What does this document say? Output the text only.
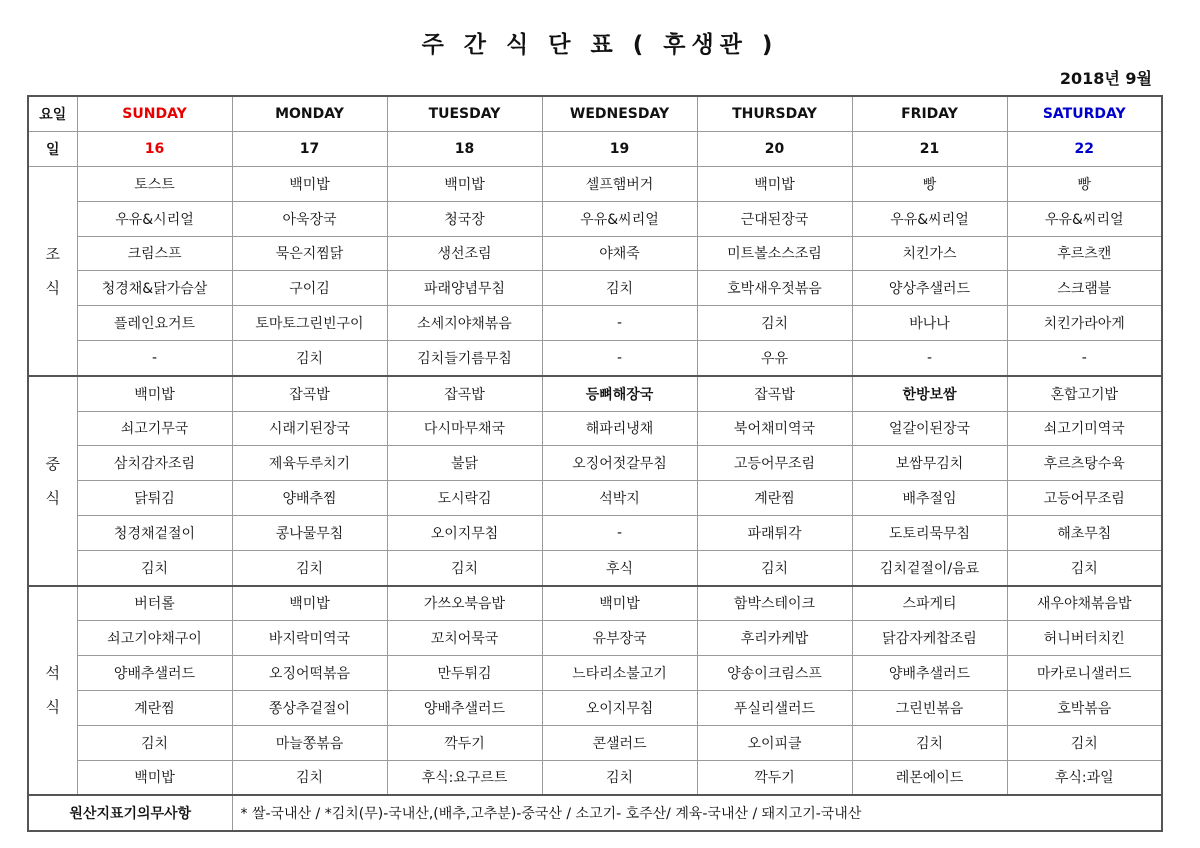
주 간 식 단 표 ( 후생관 )
2018년 9월
요일	SUNDAY	MONDAY	TUESDAY	WEDNESDAY	THURSDAY	FRIDAY	SATURDAY
일	16	17	18	19	20	21	22

조
식	토스트	백미밥	백미밥	셀프햄버거	백미밥	빵	빵
	우유&시리얼	아욱장국	청국장	우유&씨리얼	근대된장국	우유&씨리얼	우유&씨리얼
	크림스프	묵은지찜닭	생선조림	야채죽	미트볼소스조림	치킨가스	후르츠캔
	청경채&닭가슴살	구이김	파래양념무침	김치	호박새우젓볶음	양상추샐러드	스크램블
	플레인요거트	토마토그린빈구이	소세지야채볶음	-	김치	바나나	치킨가라아게
	-	김치	김치들기름무침	-	우유	-	-

중
식	백미밥	잡곡밥	잡곡밥	등뼈해장국	잡곡밥	한방보쌈	혼합고기밥
	쇠고기무국	시래기된장국	다시마무채국	해파리냉채	북어채미역국	얼갈이된장국	쇠고기미역국
	삼치감자조림	제육두루치기	불닭	오징어젓갈무침	고등어무조림	보쌈무김치	후르츠탕수육
	닭튀김	양배추찜	도시락김	석박지	계란찜	배추절임	고등어무조림
	청경채겉절이	콩나물무침	오이지무침	-	파래튀각	도토리묵무침	해초무침
	김치	김치	김치	후식	김치	김치겉절이/음료	김치

석
식	버터롤	백미밥	가쓰오북음밥	백미밥	함박스테이크	스파게티	새우야채볶음밥
	쇠고기야채구이	바지락미역국	꼬치어묵국	유부장국	후리카케밥	닭감자케찹조림	허니버터치킨
	양배추샐러드	오징어떡볶음	만두튀김	느타리소불고기	양송이크림스프	양배추샐러드	마카로니샐러드
	계란찜	쫑상추겉절이	양배추샐러드	오이지무침	푸실리샐러드	그린빈볶음	호박볶음
	김치	마늘쫑볶음	깍두기	콘샐러드	오이피클	김치	김치
	백미밥	김치	후식:요구르트	김치	깍두기	레몬에이드	후식:과일
원산지표기의무사항		* 쌀-국내산 / *김치(무)-국내산,(배추,고추분)-중국산 / 소고기- 호주산/ 계육-국내산 / 돼지고기-국내산					
